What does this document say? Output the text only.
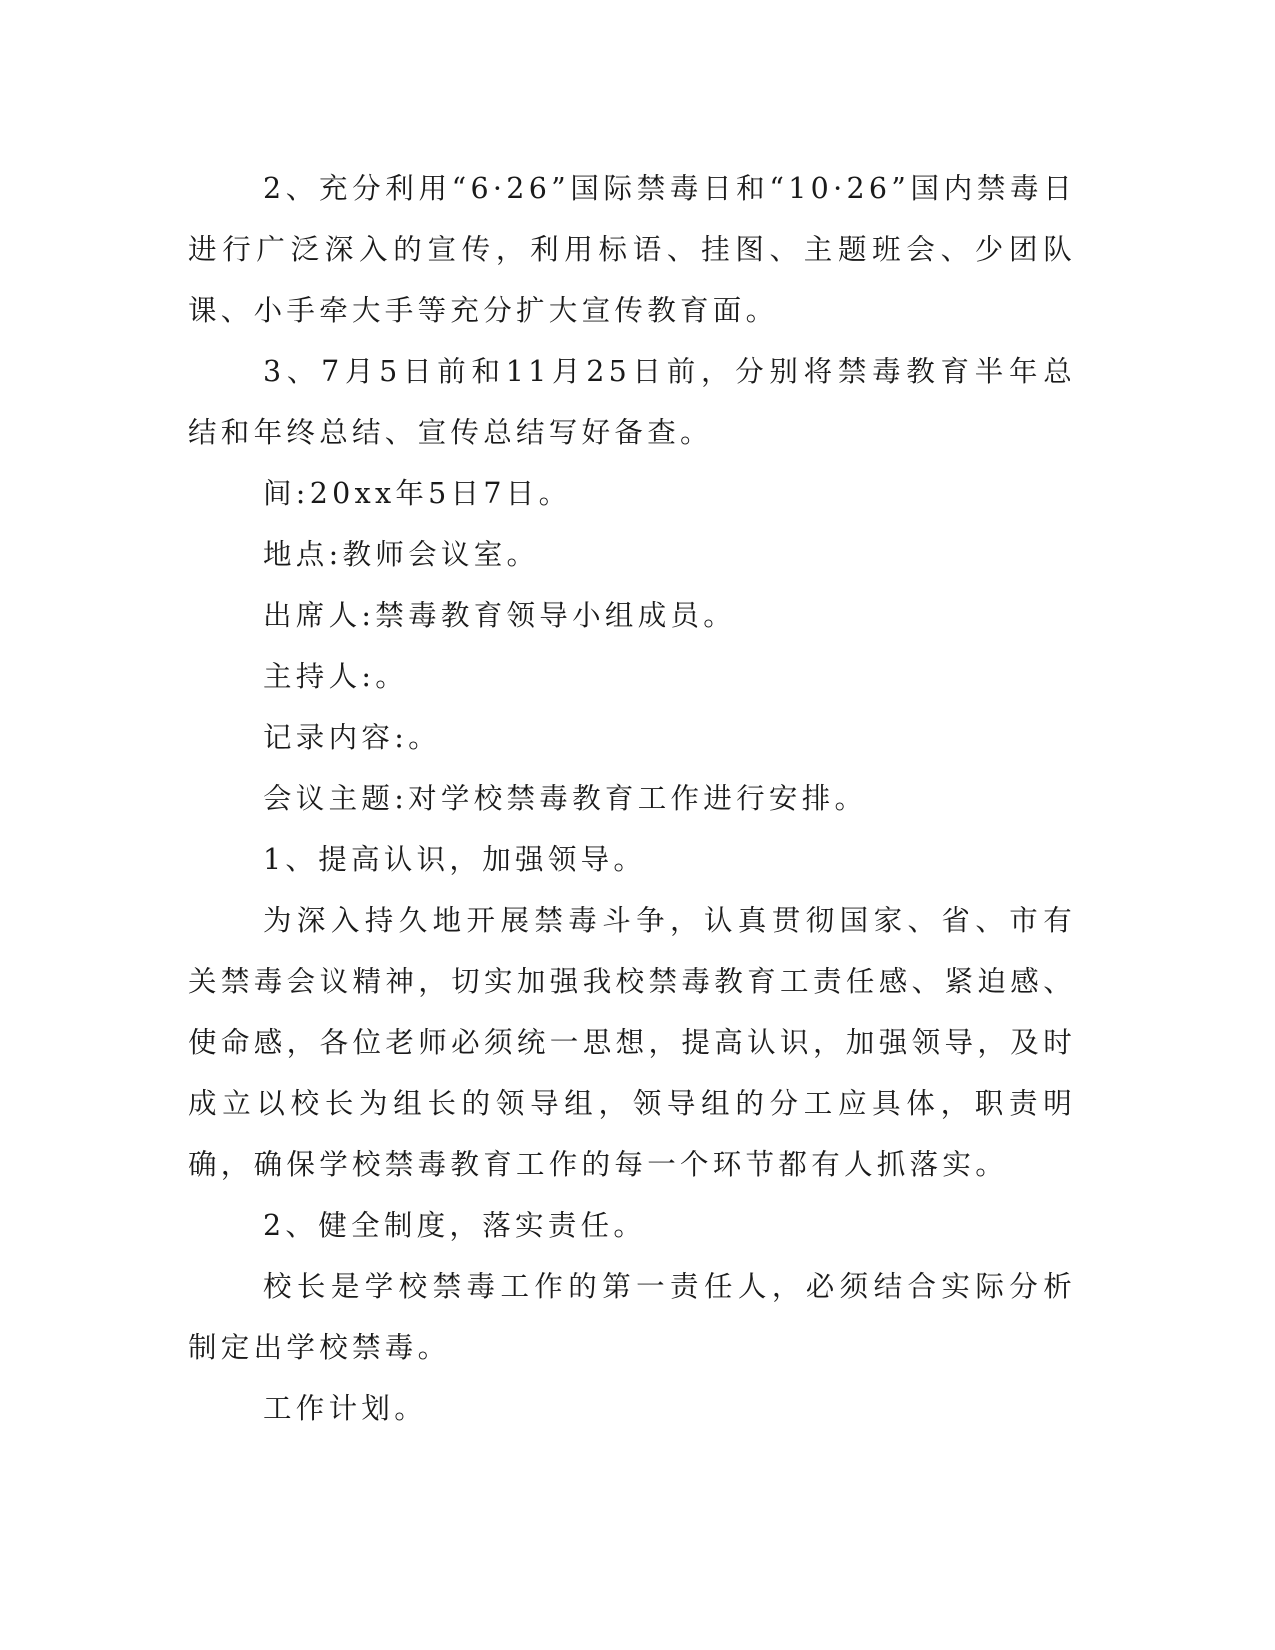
2、充分利用“6·26”国际禁毒日和“10·26”国内禁毒日进行广泛深入的宣传，利用标语、挂图、主题班会、少团队课、小手牵大手等充分扩大宣传教育面。

3、7月5日前和11月25日前，分别将禁毒教育半年总结和年终总结、宣传总结写好备查。

间:20xx年5日7日。

地点:教师会议室。

出席人:禁毒教育领导小组成员。

主持人:。

记录内容:。

会议主题:对学校禁毒教育工作进行安排。

1、提高认识，加强领导。

为深入持久地开展禁毒斗争，认真贯彻国家、省、市有关禁毒会议精神，切实加强我校禁毒教育工责任感、紧迫感、使命感，各位老师必须统一思想，提高认识，加强领导，及时成立以校长为组长的领导组，领导组的分工应具体，职责明确，确保学校禁毒教育工作的每一个环节都有人抓落实。

2、健全制度，落实责任。

校长是学校禁毒工作的第一责任人，必须结合实际分析制定出学校禁毒。

工作计划。
